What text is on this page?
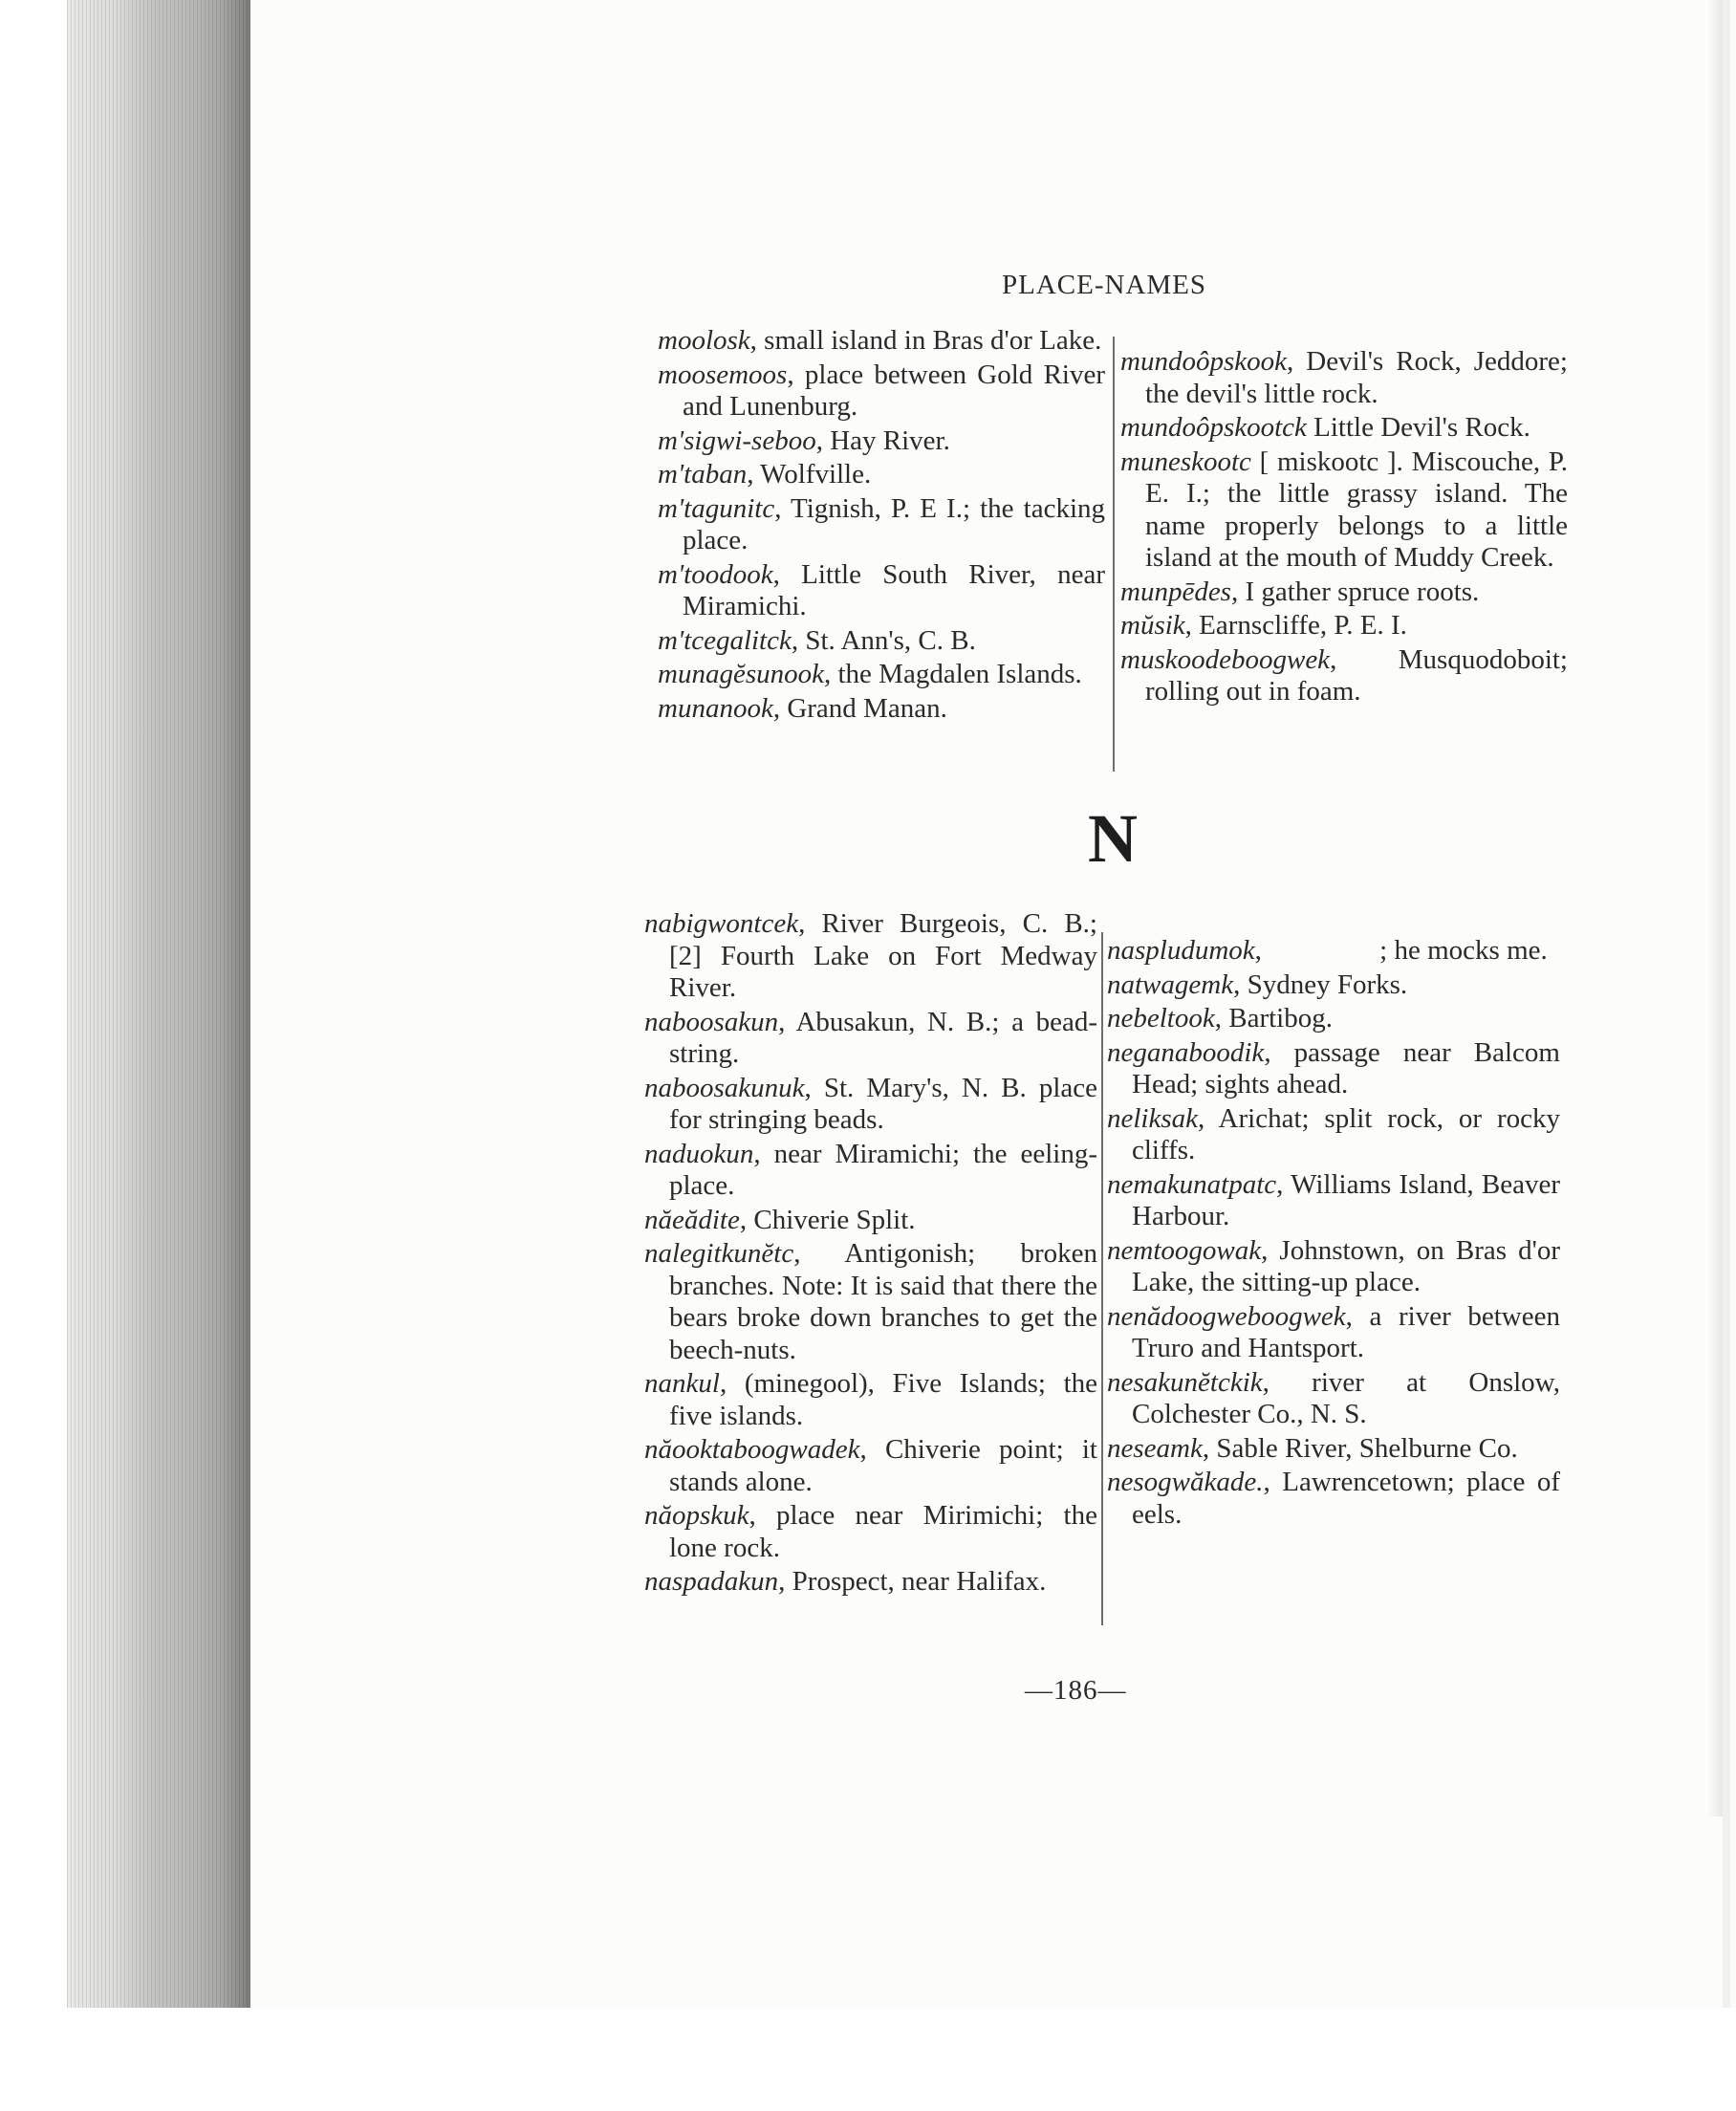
PLACE-NAMES
moolosk, small island in Bras d'or Lake.
moosemoos, place between Gold River and Lunenburg.
m'sigwi-seboo, Hay River.
m'taban, Wolfville.
m'tagunitc, Tignish, P. E I.; the tacking place.
m'toodook, Little South River, near Miramichi.
m'tcegalitck, St. Ann's, C. B.
munagĕsunook, the Magdalen Islands.
munanook, Grand Manan.
mundoôpskook, Devil's Rock, Jeddore; the devil's little rock.
mundoôpskootck Little Devil's Rock.
muneskootc [ miskootc ]. Miscouche, P. E. I.; the little grassy island. The name properly belongs to a little island at the mouth of Muddy Creek.
munpēdes, I gather spruce roots.
mŭsik, Earnscliffe, P. E. I.
muskoodeboogwek, Musquodoboit; rolling out in foam.
N
nabigwontcek, River Burgeois, C. B.; [2] Fourth Lake on Fort Medway River.
naboosakun, Abusakun, N. B.; a bead-string.
naboosakunuk, St. Mary's, N. B. place for stringing beads.
naduokun, near Miramichi; the eeling-place.
năeădite, Chiverie Split.
nalegitkunĕtc, Antigonish; broken branches. Note: It is said that there the bears broke down branches to get the beech-nuts.
nankul, (minegool), Five Islands; the five islands.
năooktaboogwadek, Chiverie point; it stands alone.
năopskuk, place near Mirimichi; the lone rock.
naspadakun, Prospect, near Halifax.
naspludumok,                 ; he mocks me.
natwagemk, Sydney Forks.
nebeltook, Bartibog.
neganaboodik, passage near Balcom Head; sights ahead.
neliksak, Arichat; split rock, or rocky cliffs.
nemakunatpatc, Williams Island, Beaver Harbour.
nemtoogowak, Johnstown, on Bras d'or Lake, the sitting-up place.
nenădoogweboogwek, a river between Truro and Hantsport.
nesakunĕtckik, river at Onslow, Colchester Co., N. S.
neseamk, Sable River, Shelburne Co.
nesogwăkade., Lawrencetown; place of eels.
—186—
